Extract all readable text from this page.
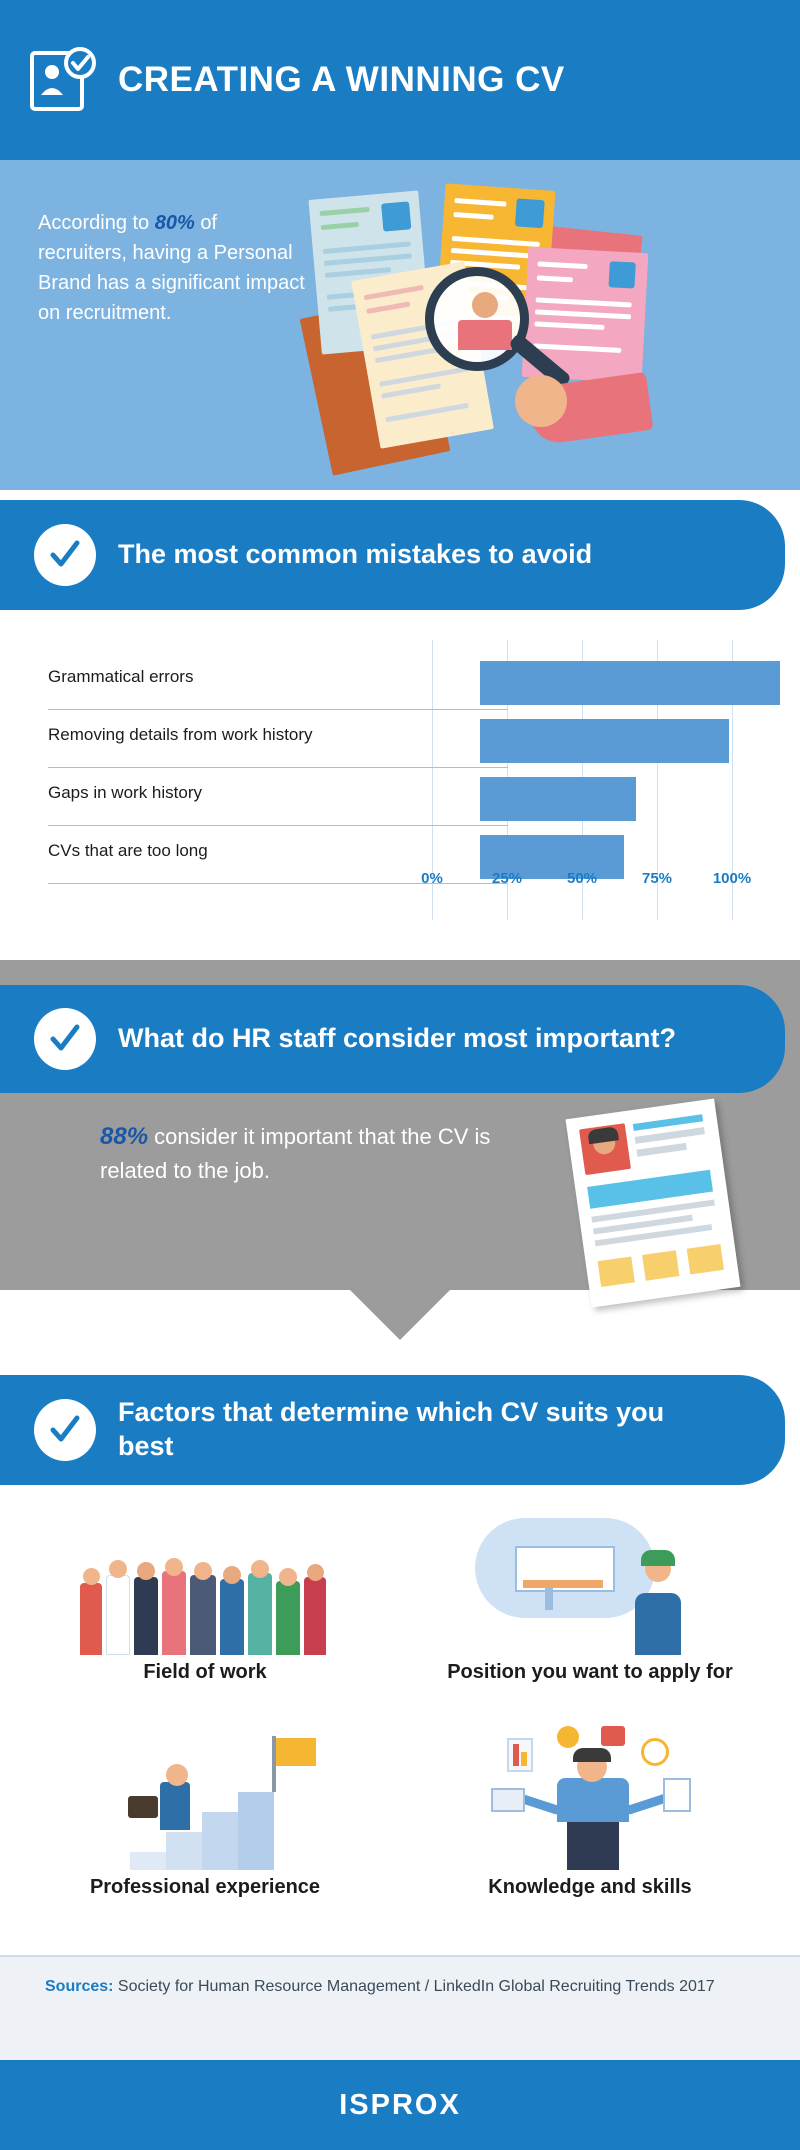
CREATING A WINNING CV
According to 80% of recruiters, having a Personal Brand has a significant impact on recruitment.
The most common mistakes to avoid
Grammatical errors
Removing details from work history
Gaps in work history
CVs that are too long
0%	25%	50%	75%	100%
What do HR staff consider most important?
88% consider it important that the CV is related to the job.
Factors that determine which CV suits you best
Field of work	Position you want to apply for
Professional experience	Knowledge and skills
Sources: Society for Human Resource Management / LinkedIn Global Recruiting Trends 2017
ISPROX
